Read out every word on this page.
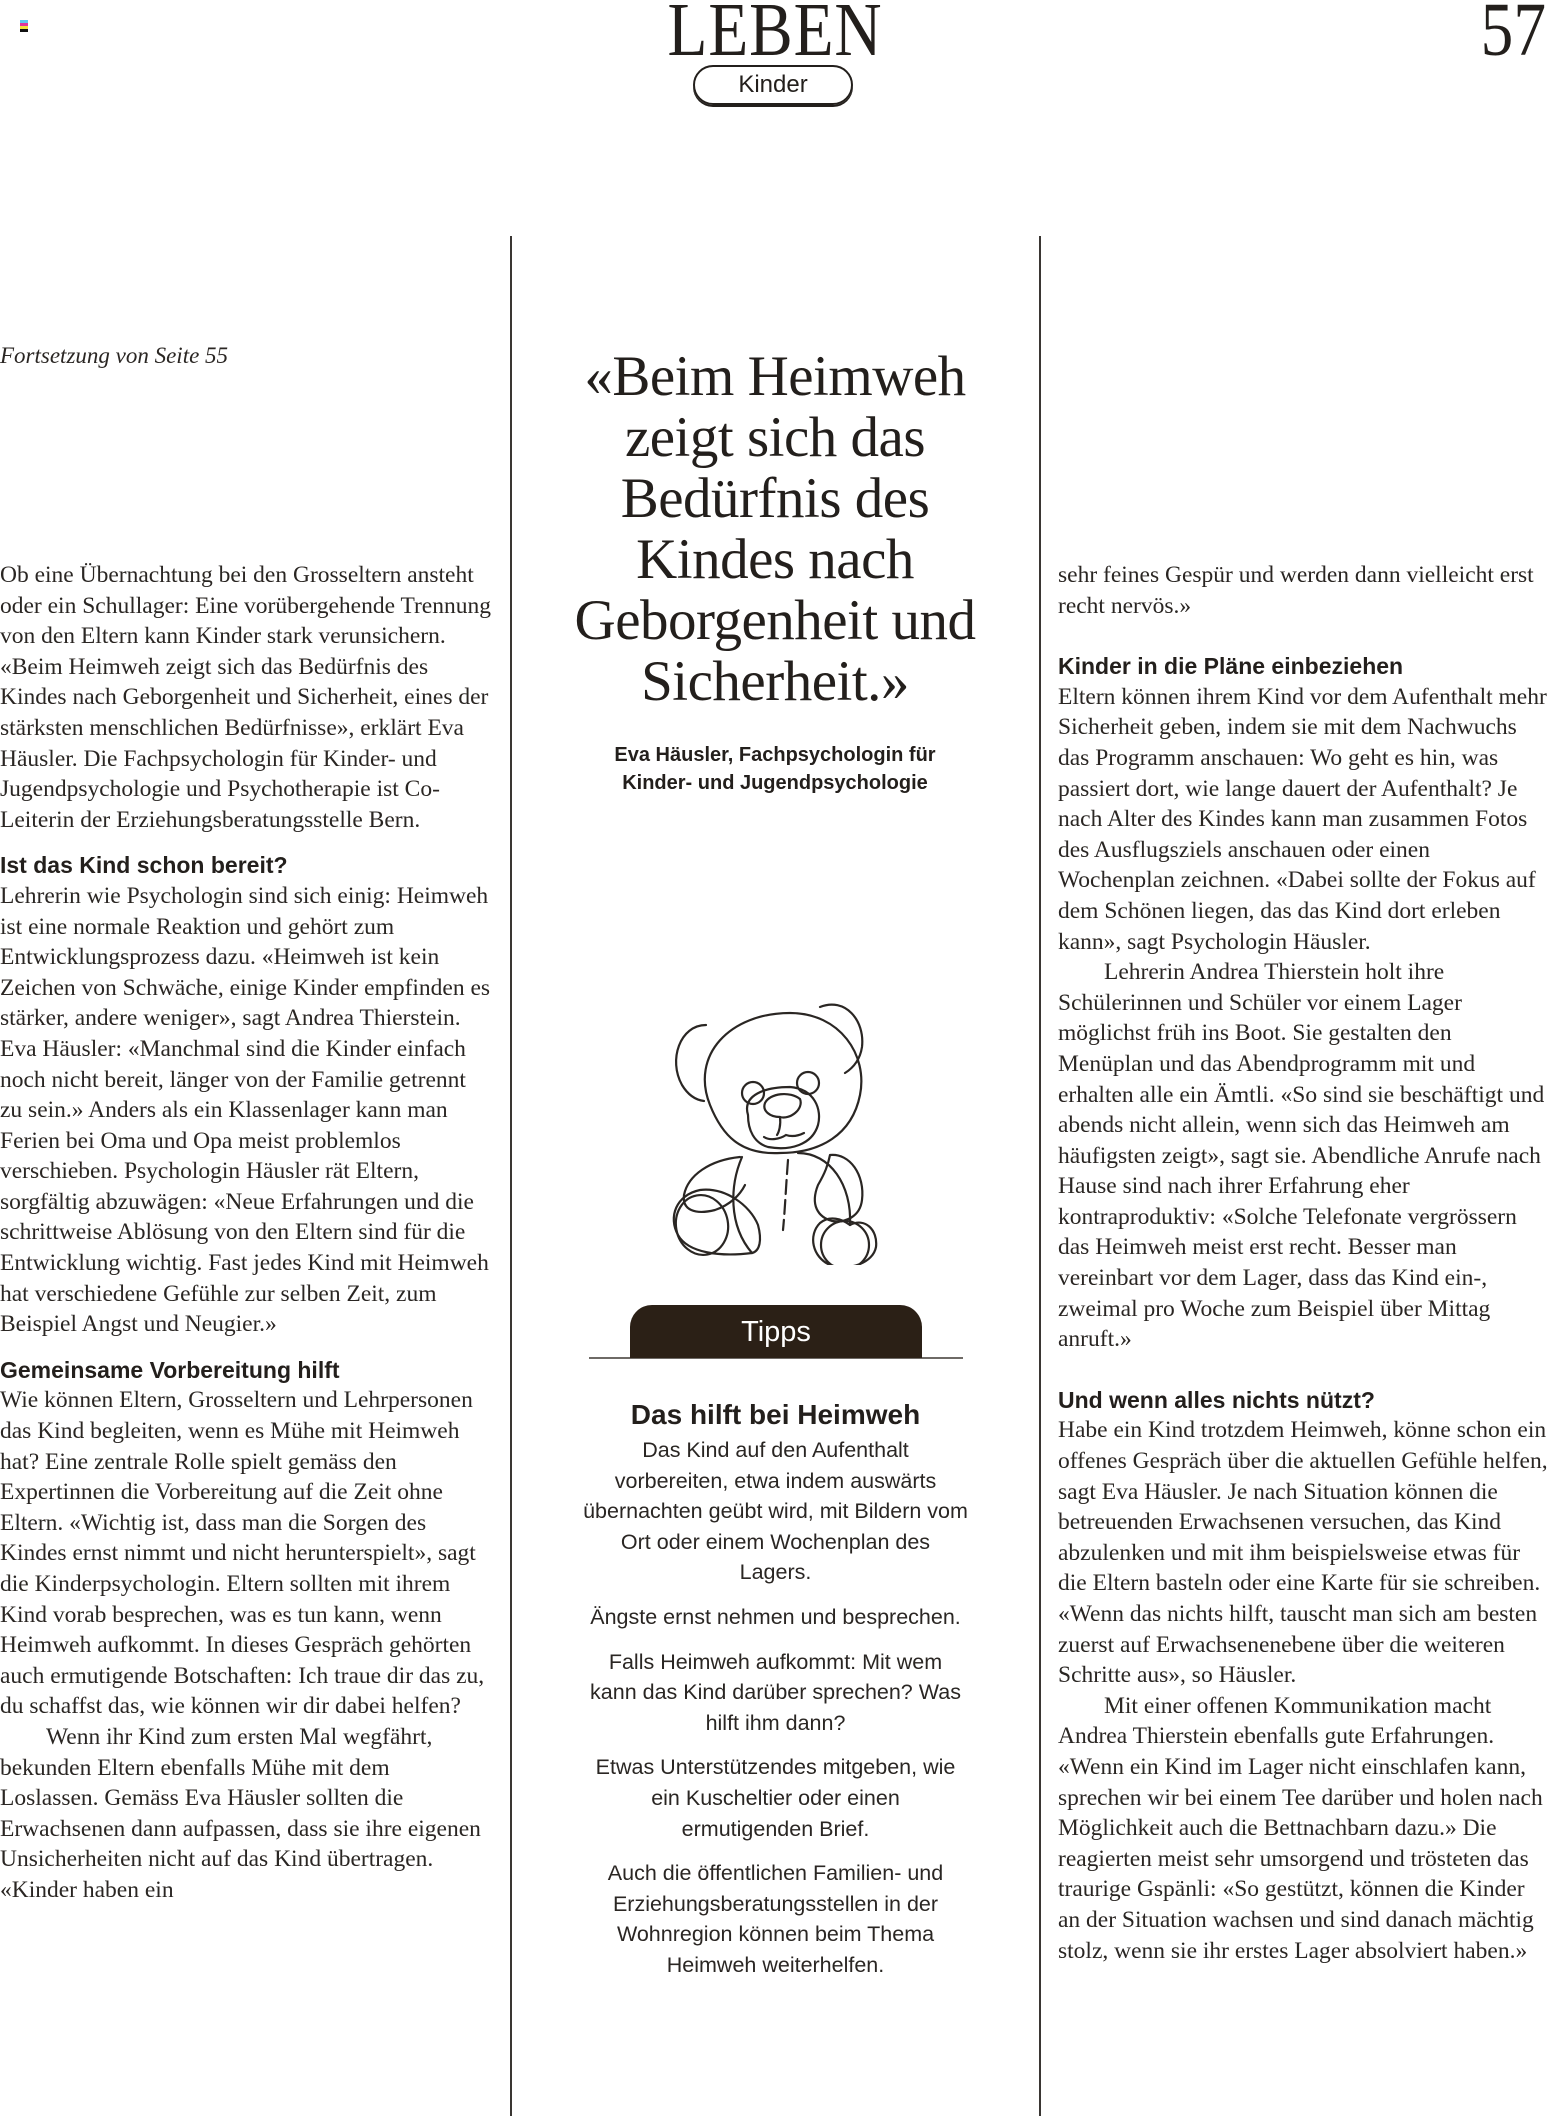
LEBEN
Kinder
57

Fortsetzung von Seite 55

Ob eine Übernachtung bei den Grosseltern ansteht oder ein Schullager: Eine vorübergehende Trennung von den Eltern kann Kinder stark verunsichern. «Beim Heimweh zeigt sich das Bedürfnis des Kindes nach Geborgenheit und Sicherheit, eines der stärksten menschlichen Bedürfnisse», erklärt Eva Häusler. Die Fachpsychologin für Kinder- und Jugendpsychologie und Psychotherapie ist Co-Leiterin der Erziehungsberatungsstelle Bern.

Ist das Kind schon bereit?

Lehrerin wie Psychologin sind sich einig: Heimweh ist eine normale Reaktion und gehört zum Entwicklungsprozess dazu. «Heimweh ist kein Zeichen von Schwäche, einige Kinder empfinden es stärker, andere weniger», sagt Andrea Thierstein. Eva Häusler: «Manchmal sind die Kinder einfach noch nicht bereit, länger von der Familie getrennt zu sein.» Anders als ein Klassenlager kann man Ferien bei Oma und Opa meist problemlos verschieben. Psychologin Häusler rät Eltern, sorgfältig abzuwägen: «Neue Erfahrungen und die schrittweise Ablösung von den Eltern sind für die Entwicklung wichtig. Fast jedes Kind mit Heimweh hat verschiedene Gefühle zur selben Zeit, zum Beispiel Angst und Neugier.»

Gemeinsame Vorbereitung hilft

Wie können Eltern, Grosseltern und Lehrpersonen das Kind begleiten, wenn es Mühe mit Heimweh hat? Eine zentrale Rolle spielt gemäss den Expertinnen die Vorbereitung auf die Zeit ohne Eltern. «Wichtig ist, dass man die Sorgen des Kindes ernst nimmt und nicht herunterspielt», sagt die Kinderpsychologin. Eltern sollten mit ihrem Kind vorab besprechen, was es tun kann, wenn Heimweh aufkommt. In dieses Gespräch gehörten auch ermutigende Botschaften: Ich traue dir das zu, du schaffst das, wie können wir dir dabei helfen?

Wenn ihr Kind zum ersten Mal wegfährt, bekunden Eltern ebenfalls Mühe mit dem Loslassen. Gemäss Eva Häusler sollten die Erwachsenen dann aufpassen, dass sie ihre eigenen Unsicherheiten nicht auf das Kind übertragen. «Kinder haben ein

«Beim Heimweh zeigt sich das Bedürfnis des Kindes nach Geborgenheit und Sicherheit.»
Eva Häusler, Fachpsychologin für
Kinder- und Jugendpsychologie
Tipps
Das hilft bei Heimweh

Das Kind auf den Aufenthalt vorbereiten, etwa indem auswärts übernachten geübt wird, mit Bildern vom Ort oder einem Wochenplan des Lagers.

Ängste ernst nehmen und besprechen.

Falls Heimweh aufkommt: Mit wem kann das Kind darüber sprechen? Was hilft ihm dann?

Etwas Unterstützendes mitgeben, wie ein Kuscheltier oder einen ermutigenden Brief.

Auch die öffentlichen Familien- und Erziehungsberatungsstellen in der Wohnregion können beim Thema Heimweh weiterhelfen.

sehr feines Gespür und werden dann vielleicht erst recht nervös.»

Kinder in die Pläne einbeziehen

Eltern können ihrem Kind vor dem Aufenthalt mehr Sicherheit geben, indem sie mit dem Nachwuchs das Programm anschauen: Wo geht es hin, was passiert dort, wie lange dauert der Aufenthalt? Je nach Alter des Kindes kann man zusammen Fotos des Ausflugsziels anschauen oder einen Wochenplan zeichnen. «Dabei sollte der Fokus auf dem Schönen liegen, das das Kind dort erleben kann», sagt Psychologin Häusler.

Lehrerin Andrea Thierstein holt ihre Schülerinnen und Schüler vor einem Lager möglichst früh ins Boot. Sie gestalten den Menüplan und das Abendprogramm mit und erhalten alle ein Ämtli. «So sind sie beschäftigt und abends nicht allein, wenn sich das Heimweh am häufigsten zeigt», sagt sie. Abendliche Anrufe nach Hause sind nach ihrer Erfahrung eher kontraproduktiv: «Solche Telefonate vergrössern das Heimweh meist erst recht. Besser man vereinbart vor dem Lager, dass das Kind ein-, zweimal pro Woche zum Beispiel über Mittag anruft.»

Und wenn alles nichts nützt?

Habe ein Kind trotzdem Heimweh, könne schon ein offenes Gespräch über die aktuellen Gefühle helfen, sagt Eva Häusler. Je nach Situation können die betreuenden Erwachsenen versuchen, das Kind abzulenken und mit ihm beispielsweise etwas für die Eltern basteln oder eine Karte für sie schreiben. «Wenn das nichts hilft, tauscht man sich am besten zuerst auf Erwachsenenebene über die weiteren Schritte aus», so Häusler.

Mit einer offenen Kommunikation macht Andrea Thierstein ebenfalls gute Erfahrungen. «Wenn ein Kind im Lager nicht einschlafen kann, sprechen wir bei einem Tee darüber und holen nach Möglichkeit auch die Bettnachbarn dazu.» Die reagierten meist sehr umsorgend und trösteten das traurige Gspänli: «So gestützt, können die Kinder an der Situation wachsen und sind danach mächtig stolz, wenn sie ihr erstes Lager absolviert haben.»
